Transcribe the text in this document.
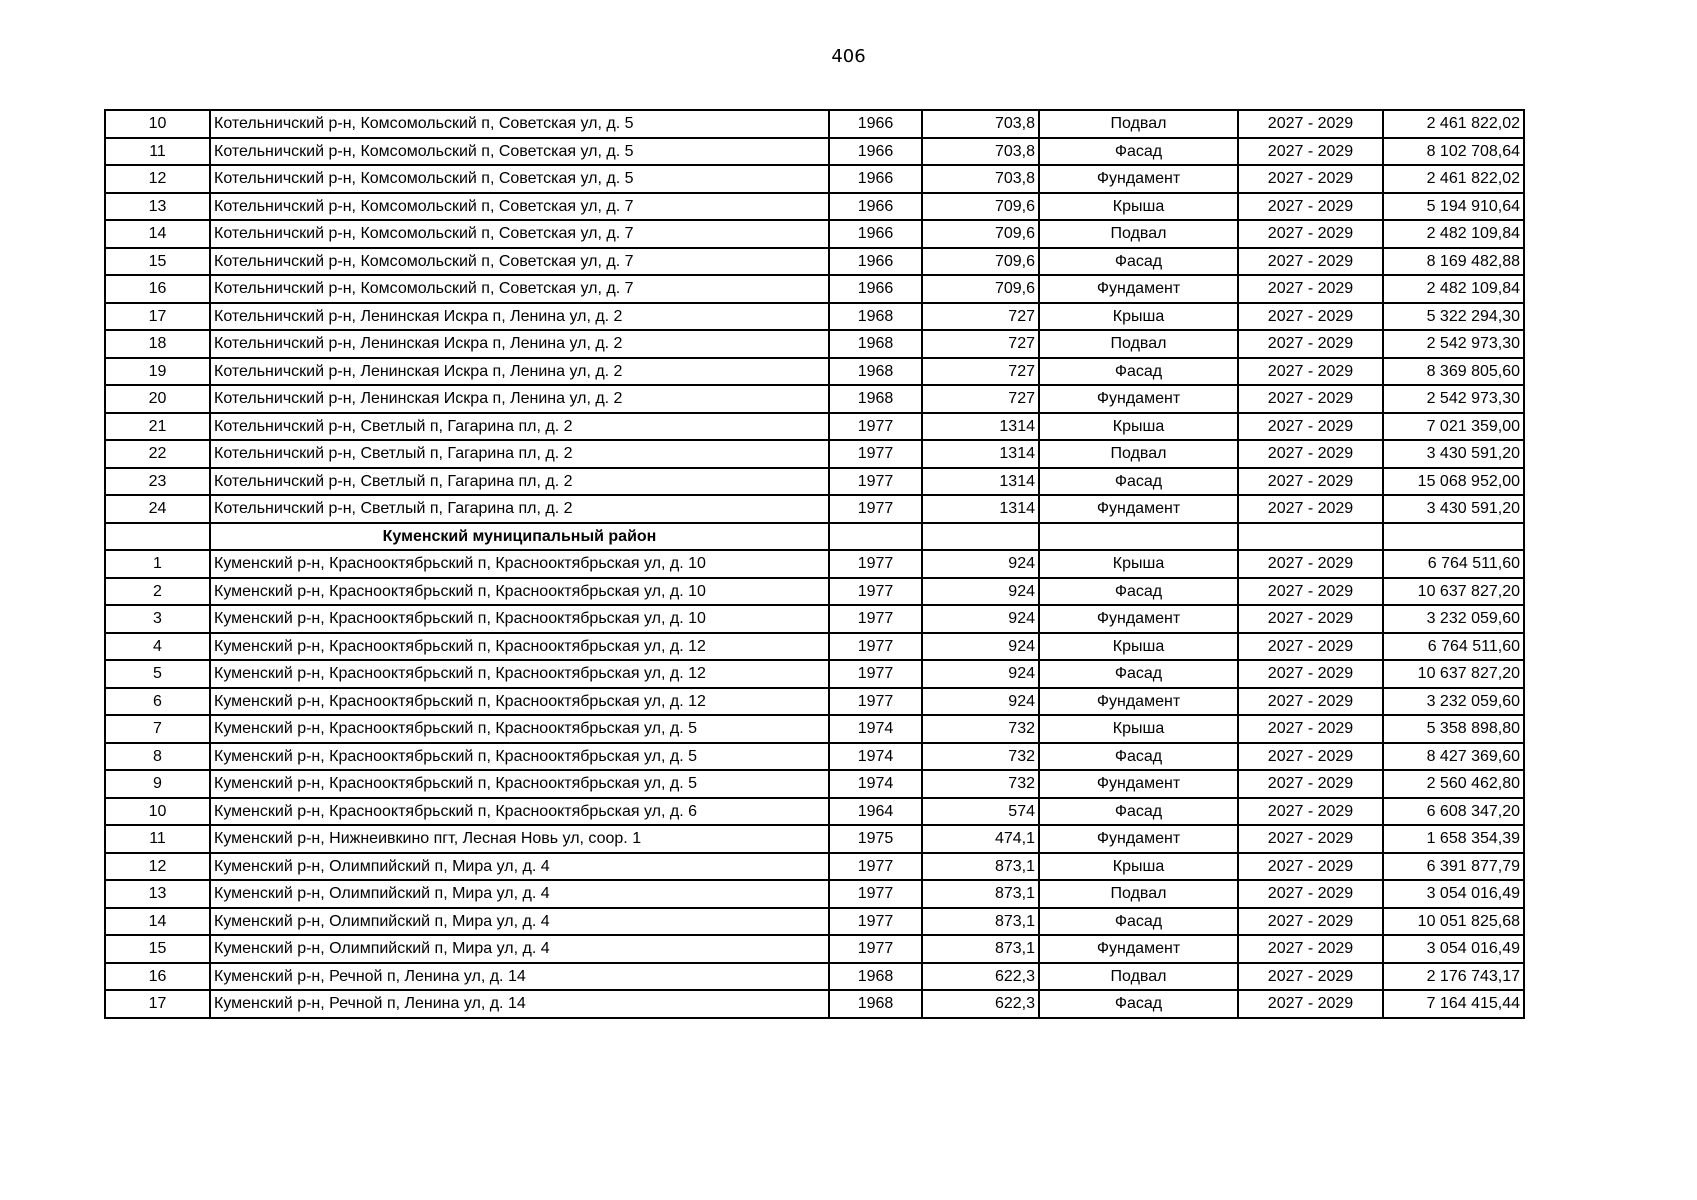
406
10	Котельничский р-н, Комсомольский п, Советская ул, д. 5	1966	703,8	Подвал	2027 - 2029	2 461 822,02
11	Котельничский р-н, Комсомольский п, Советская ул, д. 5	1966	703,8	Фасад	2027 - 2029	8 102 708,64
12	Котельничский р-н, Комсомольский п, Советская ул, д. 5	1966	703,8	Фундамент	2027 - 2029	2 461 822,02
13	Котельничский р-н, Комсомольский п, Советская ул, д. 7	1966	709,6	Крыша	2027 - 2029	5 194 910,64
14	Котельничский р-н, Комсомольский п, Советская ул, д. 7	1966	709,6	Подвал	2027 - 2029	2 482 109,84
15	Котельничский р-н, Комсомольский п, Советская ул, д. 7	1966	709,6	Фасад	2027 - 2029	8 169 482,88
16	Котельничский р-н, Комсомольский п, Советская ул, д. 7	1966	709,6	Фундамент	2027 - 2029	2 482 109,84
17	Котельничский р-н, Ленинская Искра п, Ленина ул, д. 2	1968	727	Крыша	2027 - 2029	5 322 294,30
18	Котельничский р-н, Ленинская Искра п, Ленина ул, д. 2	1968	727	Подвал	2027 - 2029	2 542 973,30
19	Котельничский р-н, Ленинская Искра п, Ленина ул, д. 2	1968	727	Фасад	2027 - 2029	8 369 805,60
20	Котельничский р-н, Ленинская Искра п, Ленина ул, д. 2	1968	727	Фундамент	2027 - 2029	2 542 973,30
21	Котельничский р-н, Светлый п, Гагарина пл, д. 2	1977	1314	Крыша	2027 - 2029	7 021 359,00
22	Котельничский р-н, Светлый п, Гагарина пл, д. 2	1977	1314	Подвал	2027 - 2029	3 430 591,20
23	Котельничский р-н, Светлый п, Гагарина пл, д. 2	1977	1314	Фасад	2027 - 2029	15 068 952,00
24	Котельничский р-н, Светлый п, Гагарина пл, д. 2	1977	1314	Фундамент	2027 - 2029	3 430 591,20
	Куменский муниципальный район					
1	Куменский р-н, Краснооктябрьский п, Краснооктябрьская ул, д. 10	1977	924	Крыша	2027 - 2029	6 764 511,60
2	Куменский р-н, Краснооктябрьский п, Краснооктябрьская ул, д. 10	1977	924	Фасад	2027 - 2029	10 637 827,20
3	Куменский р-н, Краснооктябрьский п, Краснооктябрьская ул, д. 10	1977	924	Фундамент	2027 - 2029	3 232 059,60
4	Куменский р-н, Краснооктябрьский п, Краснооктябрьская ул, д. 12	1977	924	Крыша	2027 - 2029	6 764 511,60
5	Куменский р-н, Краснооктябрьский п, Краснооктябрьская ул, д. 12	1977	924	Фасад	2027 - 2029	10 637 827,20
6	Куменский р-н, Краснооктябрьский п, Краснооктябрьская ул, д. 12	1977	924	Фундамент	2027 - 2029	3 232 059,60
7	Куменский р-н, Краснооктябрьский п, Краснооктябрьская ул, д. 5	1974	732	Крыша	2027 - 2029	5 358 898,80
8	Куменский р-н, Краснооктябрьский п, Краснооктябрьская ул, д. 5	1974	732	Фасад	2027 - 2029	8 427 369,60
9	Куменский р-н, Краснооктябрьский п, Краснооктябрьская ул, д. 5	1974	732	Фундамент	2027 - 2029	2 560 462,80
10	Куменский р-н, Краснооктябрьский п, Краснооктябрьская ул, д. 6	1964	574	Фасад	2027 - 2029	6 608 347,20
11	Куменский р-н, Нижнеивкино пгт, Лесная Новь ул, соор. 1	1975	474,1	Фундамент	2027 - 2029	1 658 354,39
12	Куменский р-н, Олимпийский п, Мира ул, д. 4	1977	873,1	Крыша	2027 - 2029	6 391 877,79
13	Куменский р-н, Олимпийский п, Мира ул, д. 4	1977	873,1	Подвал	2027 - 2029	3 054 016,49
14	Куменский р-н, Олимпийский п, Мира ул, д. 4	1977	873,1	Фасад	2027 - 2029	10 051 825,68
15	Куменский р-н, Олимпийский п, Мира ул, д. 4	1977	873,1	Фундамент	2027 - 2029	3 054 016,49
16	Куменский р-н, Речной п, Ленина ул, д. 14	1968	622,3	Подвал	2027 - 2029	2 176 743,17
17	Куменский р-н, Речной п, Ленина ул, д. 14	1968	622,3	Фасад	2027 - 2029	7 164 415,44
